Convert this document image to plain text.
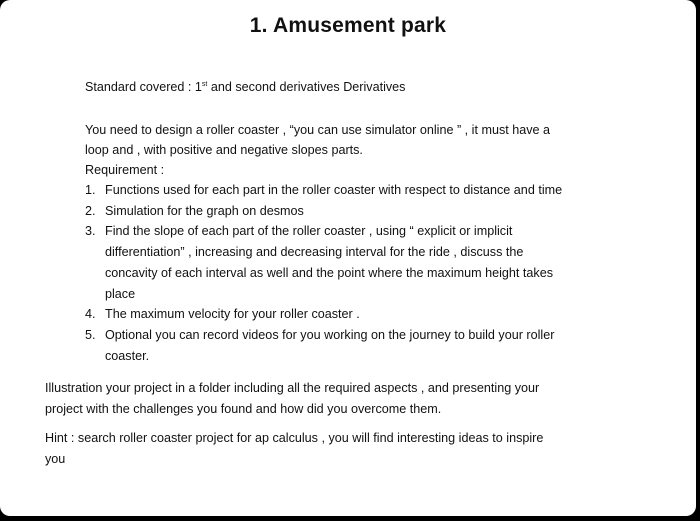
1. Amusement park
Standard covered : 1st and second derivatives Derivatives
You need to design a roller coaster , “you can use simulator online ” , it must have a
loop and , with positive and negative slopes parts.
Requirement :
1. Functions used for each part in the roller coaster with respect to distance and time
2. Simulation for the graph on desmos
3. Find the slope of each part of the roller coaster , using “ explicit or implicit
differentiation” , increasing and decreasing interval for the ride , discuss the
concavity of each interval as well and the point where the maximum height takes
place
4. The maximum velocity for your roller coaster .
5. Optional you can record videos for you working on the journey to build your roller
coaster.
Illustration your project in a folder including all the required aspects , and presenting your
project with the challenges you found and how did you overcome them.
Hint : search roller coaster project for ap calculus , you will find interesting ideas to inspire
you
